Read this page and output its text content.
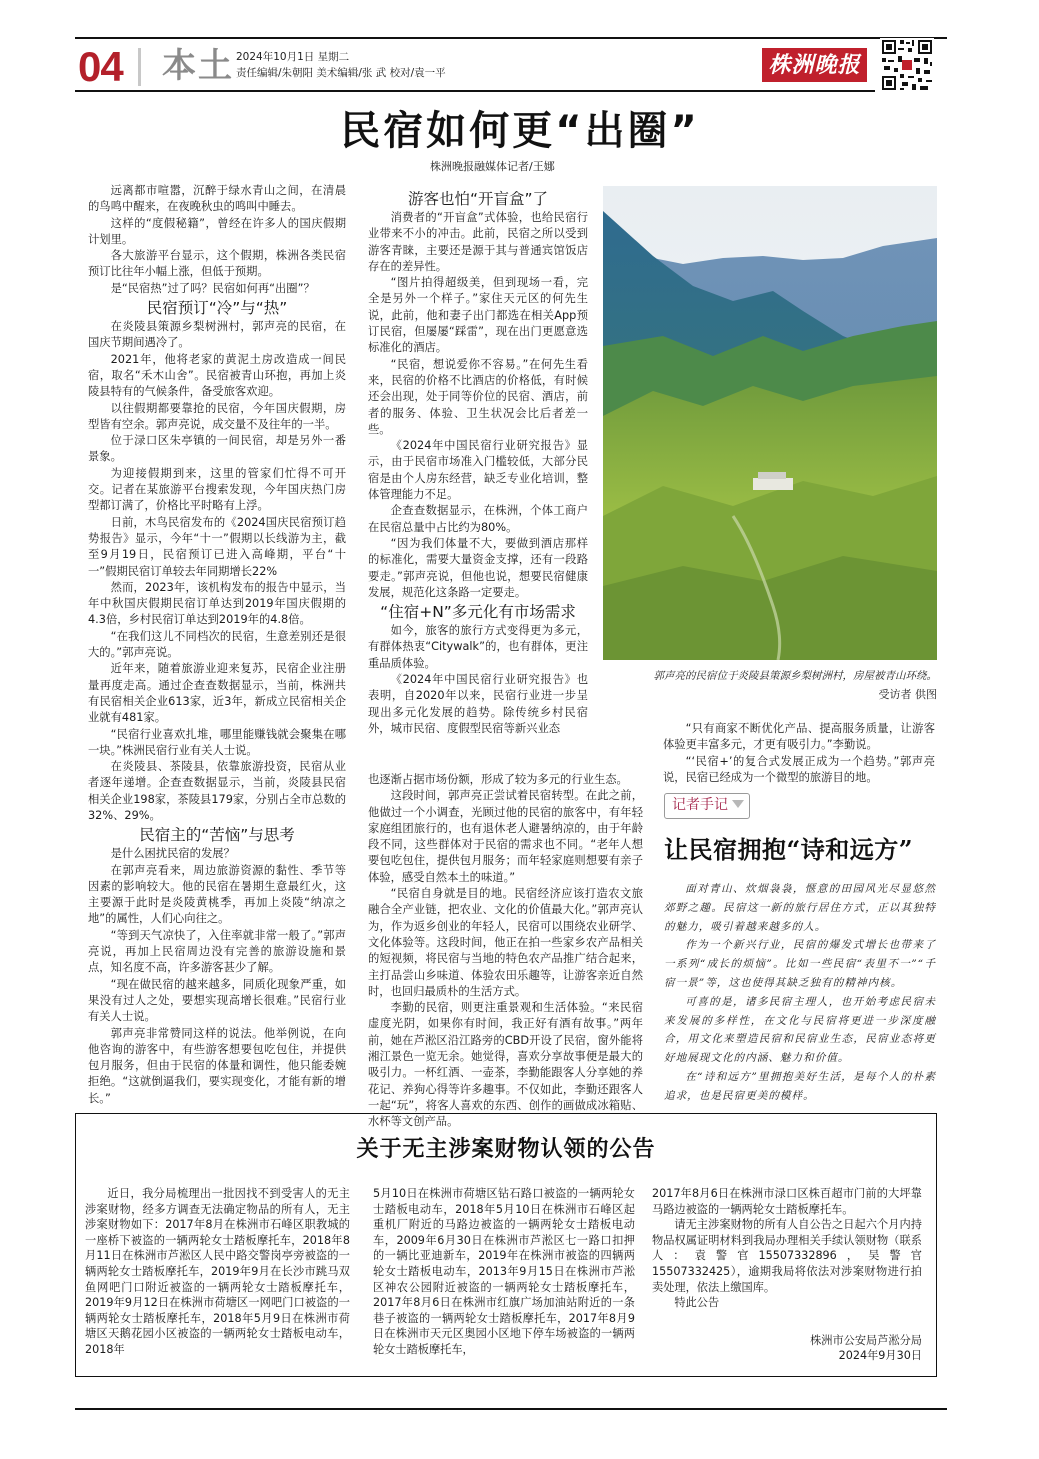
04 本土 2024年10月1日 星期二
责任编辑/朱朝阳 美术编辑/张 武 校对/袁一平	株洲晚报
民宿如何更“出圈”
株洲晚报融媒体记者/王娜

远离都市喧嚣，沉醉于绿水青山之间，在清晨的鸟鸣中醒来，在夜晚秋虫的鸣叫中睡去。

这样的“度假秘籍”，曾经在许多人的国庆假期计划里。

各大旅游平台显示，这个假期，株洲各类民宿预订比往年小幅上涨，但低于预期。

是“民宿热”过了吗？民宿如何再“出圈”？

民宿预订“冷”与“热”

在炎陵县策源乡梨树洲村，郭声亮的民宿，在国庆节期间遇冷了。

2021年，他将老家的黄泥土房改造成一间民宿，取名“禾木山舍”。民宿被青山环抱，再加上炎陵县特有的气候条件，备受旅客欢迎。

以往假期都要靠抢的民宿，今年国庆假期，房型皆有空余。郭声亮说，成交量不及往年的一半。

位于渌口区朱亭镇的一间民宿，却是另外一番景象。

为迎接假期到来，这里的管家们忙得不可开交。记者在某旅游平台搜索发现，今年国庆热门房型都订满了，价格比平时略有上浮。

日前，木鸟民宿发布的《2024国庆民宿预订趋势报告》显示，今年“十一”假期以长线游为主，截至9月19日，民宿预订已进入高峰期，平台“十一”假期民宿订单较去年同期增长22%

然而，2023年，该机构发布的报告中显示，当年中秋国庆假期民宿订单达到2019年国庆假期的4.3倍，乡村民宿订单达到2019年的4.8倍。

“在我们这儿不同档次的民宿，生意差别还是很大的。”郭声亮说。

近年来，随着旅游业迎来复苏，民宿企业注册量再度走高。通过企查查数据显示，当前，株洲共有民宿相关企业613家，近3年，新成立民宿相关企业就有481家。

“民宿行业喜欢扎堆，哪里能赚钱就会聚集在哪一块。”株洲民宿行业有关人士说。

在炎陵县、茶陵县，依靠旅游投资，民宿从业者逐年递增。企查查数据显示，当前，炎陵县民宿相关企业198家，茶陵县179家，分别占全市总数的32%、29%。

民宿主的“苦恼”与思考

是什么困扰民宿的发展？

在郭声亮看来，周边旅游资源的黏性、季节等因素的影响较大。他的民宿在暑期生意最红火，这主要源于此时是炎陵黄桃季，再加上炎陵“纳凉之地”的属性，人们心向往之。

“等到天气凉快了，入住率就非常一般了。”郭声亮说，再加上民宿周边没有完善的旅游设施和景点，知名度不高，许多游客甚少了解。

“现在做民宿的越来越多，同质化现象严重，如果没有过人之处，要想实现高增长很难。”民宿行业有关人士说。

郭声亮非常赞同这样的说法。他举例说，在向他咨询的游客中，有些游客想要包吃包住，并提供包月服务，但由于民宿的体量和调性，他只能委婉拒绝。“这就倒逼我们，要实现变化，才能有新的增长。”

游客也怕“开盲盒”了

消费者的“开盲盒”式体验，也给民宿行业带来不小的冲击。此前，民宿之所以受到游客青睐，主要还是源于其与普通宾馆饭店存在的差异性。

“图片拍得超级美，但到现场一看，完全是另外一个样子。”家住天元区的何先生说，此前，他和妻子出门都选在相关App预订民宿，但屡屡“踩雷”，现在出门更愿意选标准化的酒店。

“民宿，想说爱你不容易。”在何先生看来，民宿的价格不比酒店的价格低，有时候还会出现，处于同等价位的民宿、酒店，前者的服务、体验、卫生状况会比后者差一些。

《2024年中国民宿行业研究报告》显示，由于民宿市场准入门槛较低，大部分民宿是由个人房东经营，缺乏专业化培训，整体管理能力不足。

企查查数据显示，在株洲，个体工商户在民宿总量中占比约为80%。

“因为我们体量不大，要做到酒店那样的标准化，需要大量资金支撑，还有一段路要走。”郭声亮说，但他也说，想要民宿健康发展，规范化这条路一定要走。

“住宿+N”多元化有市场需求

如今，旅客的旅行方式变得更为多元，有群体热衷“Citywalk”的，也有群体，更注重品质体验。

《2024年中国民宿行业研究报告》也表明，自2020年以来，民宿行业进一步呈现出多元化发展的趋势。除传统乡村民宿外，城市民宿、度假型民宿等新兴业态

也逐渐占据市场份额，形成了较为多元的行业生态。

这段时间，郭声亮正尝试着民宿转型。在此之前，他做过一个小调查，光顾过他的民宿的旅客中，有年轻家庭组团旅行的，也有退休老人避暑纳凉的，由于年龄段不同，这些群体对于民宿的需求也不同。“老年人想要包吃包住，提供包月服务；而年轻家庭则想要有亲子体验，感受自然本土的味道。”

“民宿自身就是目的地。民宿经济应该打造农文旅融合全产业链，把农业、文化的价值最大化。”郭声亮认为，作为返乡创业的年轻人，民宿可以围绕农业研学、文化体验等。这段时间，他正在拍一些家乡农产品相关的短视频，将民宿与当地的特色农产品推广结合起来，主打品尝山乡味道、体验农田乐趣等，让游客亲近自然时，也回归最质朴的生活方式。

李勤的民宿，则更注重景观和生活体验。“来民宿虚度光阴，如果你有时间，我正好有酒有故事。”两年前，她在芦淞区沿江路旁的CBD开设了民宿，窗外能将湘江景色一览无余。她觉得，喜欢分享故事便是最大的吸引力。一杯红酒、一壶茶，李勤能跟客人分享她的养花记、养狗心得等许多趣事。不仅如此，李勤还跟客人一起“玩”，将客人喜欢的东西、创作的画做成冰箱贴、水杯等文创产品。

郭声亮的民宿位于炎陵县策源乡梨树洲村，房屋被青山环绕。
受访者 供图

“只有商家不断优化产品、提高服务质量，让游客体验更丰富多元，才更有吸引力。”李勤说。

“‘民宿+’的复合式发展正成为一个趋势。”郭声亮说，民宿已经成为一个微型的旅游目的地。

记者手记
让民宿拥抱“诗和远方”

面对青山、炊烟袅袅，惬意的田园风光尽显悠然郊野之趣。民宿这一新的旅行居住方式，正以其独特的魅力，吸引着越来越多的人。

作为一个新兴行业，民宿的爆发式增长也带来了一系列“成长的烦恼”。比如一些民宿“表里不一”“千宿一景”等，这也使得其缺乏独有的精神内核。

可喜的是，诸多民宿主理人，也开始考虑民宿未来发展的多样性，在文化与民宿将更进一步深度融合，用文化来塑造民宿和民宿业生态，民宿业态将更好地展现文化的内涵、魅力和价值。

在“诗和远方”里拥抱美好生活，是每个人的朴素追求，也是民宿更美的模样。

关于无主涉案财物认领的公告

近日，我分局梳理出一批因找不到受害人的无主涉案财物，经多方调查无法确定物品的所有人，无主涉案财物如下：2017年8月在株洲市石峰区职教城的一座桥下被盗的一辆两轮女士踏板摩托车，2018年8月11日在株洲市芦淞区人民中路交警岗亭旁被盗的一辆两轮女士踏板摩托车，2019年9月在长沙市跳马双鱼网吧门口附近被盗的一辆两轮女士踏板摩托车，2019年9月12日在株洲市荷塘区一网吧门口被盗的一辆两轮女士踏板摩托车，2018年5月9日在株洲市荷塘区天鹅花园小区被盗的一辆两轮女士踏板电动车，2018年

5月10日在株洲市荷塘区钻石路口被盗的一辆两轮女士踏板电动车，2018年5月10日在株洲市石峰区起重机厂附近的马路边被盗的一辆两轮女士踏板电动车，2009年6月30日在株洲市芦淞区七一路口扣押的一辆比亚迪新车，2019年在株洲市被盗的四辆两轮女士踏板电动车，2013年9月15日在株洲市芦淞区神农公园附近被盗的一辆两轮女士踏板摩托车，2017年8月6日在株洲市红旗广场加油站附近的一条巷子被盗的一辆两轮女士踏板摩托车，2017年8月9日在株洲市天元区奥园小区地下停车场被盗的一辆两轮女士踏板摩托车，

2017年8月6日在株洲市渌口区株百超市门前的大坪靠马路边被盗的一辆两轮女士踏板摩托车。

请无主涉案财物的所有人自公告之日起六个月内持物品权属证明材料到我局办理相关手续认领财物（联系人：袁警官15507332896，吴警官15507332425），逾期我局将依法对涉案财物进行拍卖处理，依法上缴国库。

特此公告

株洲市公安局芦淞分局

2024年9月30日
